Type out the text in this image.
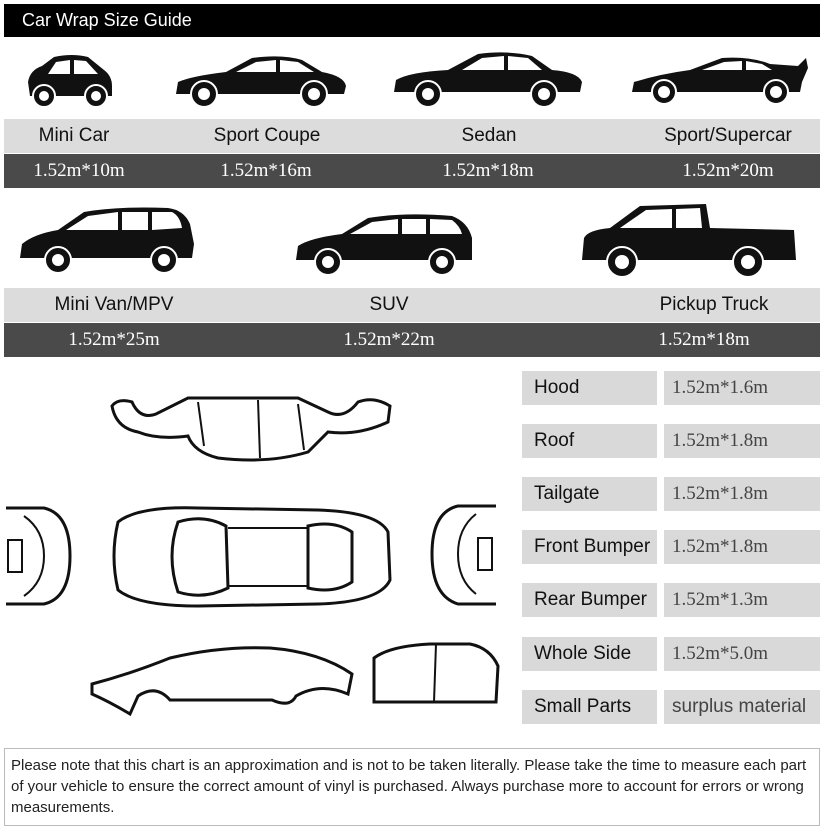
Car Wrap Size Guide
Mini Car	Sport Coupe	Sedan	Sport/Supercar
1.52m*10m	1.52m*16m	1.52m*18m	1.52m*20m
Mini Van/MPV	SUV	Pickup Truck
1.52m*25m	1.52m*22m	1.52m*18m
Hood	1.52m*1.6m
Roof	1.52m*1.8m
Tailgate	1.52m*1.8m
Front Bumper	1.52m*1.8m
Rear Bumper	1.52m*1.3m
Whole Side	1.52m*5.0m
Small Parts	surplus material
Please note that this chart is an approximation and is not to be taken literally. Please take the time to measure each part of your vehicle to ensure the correct amount of vinyl is purchased. Always purchase more to account for errors or wrong measurements.
